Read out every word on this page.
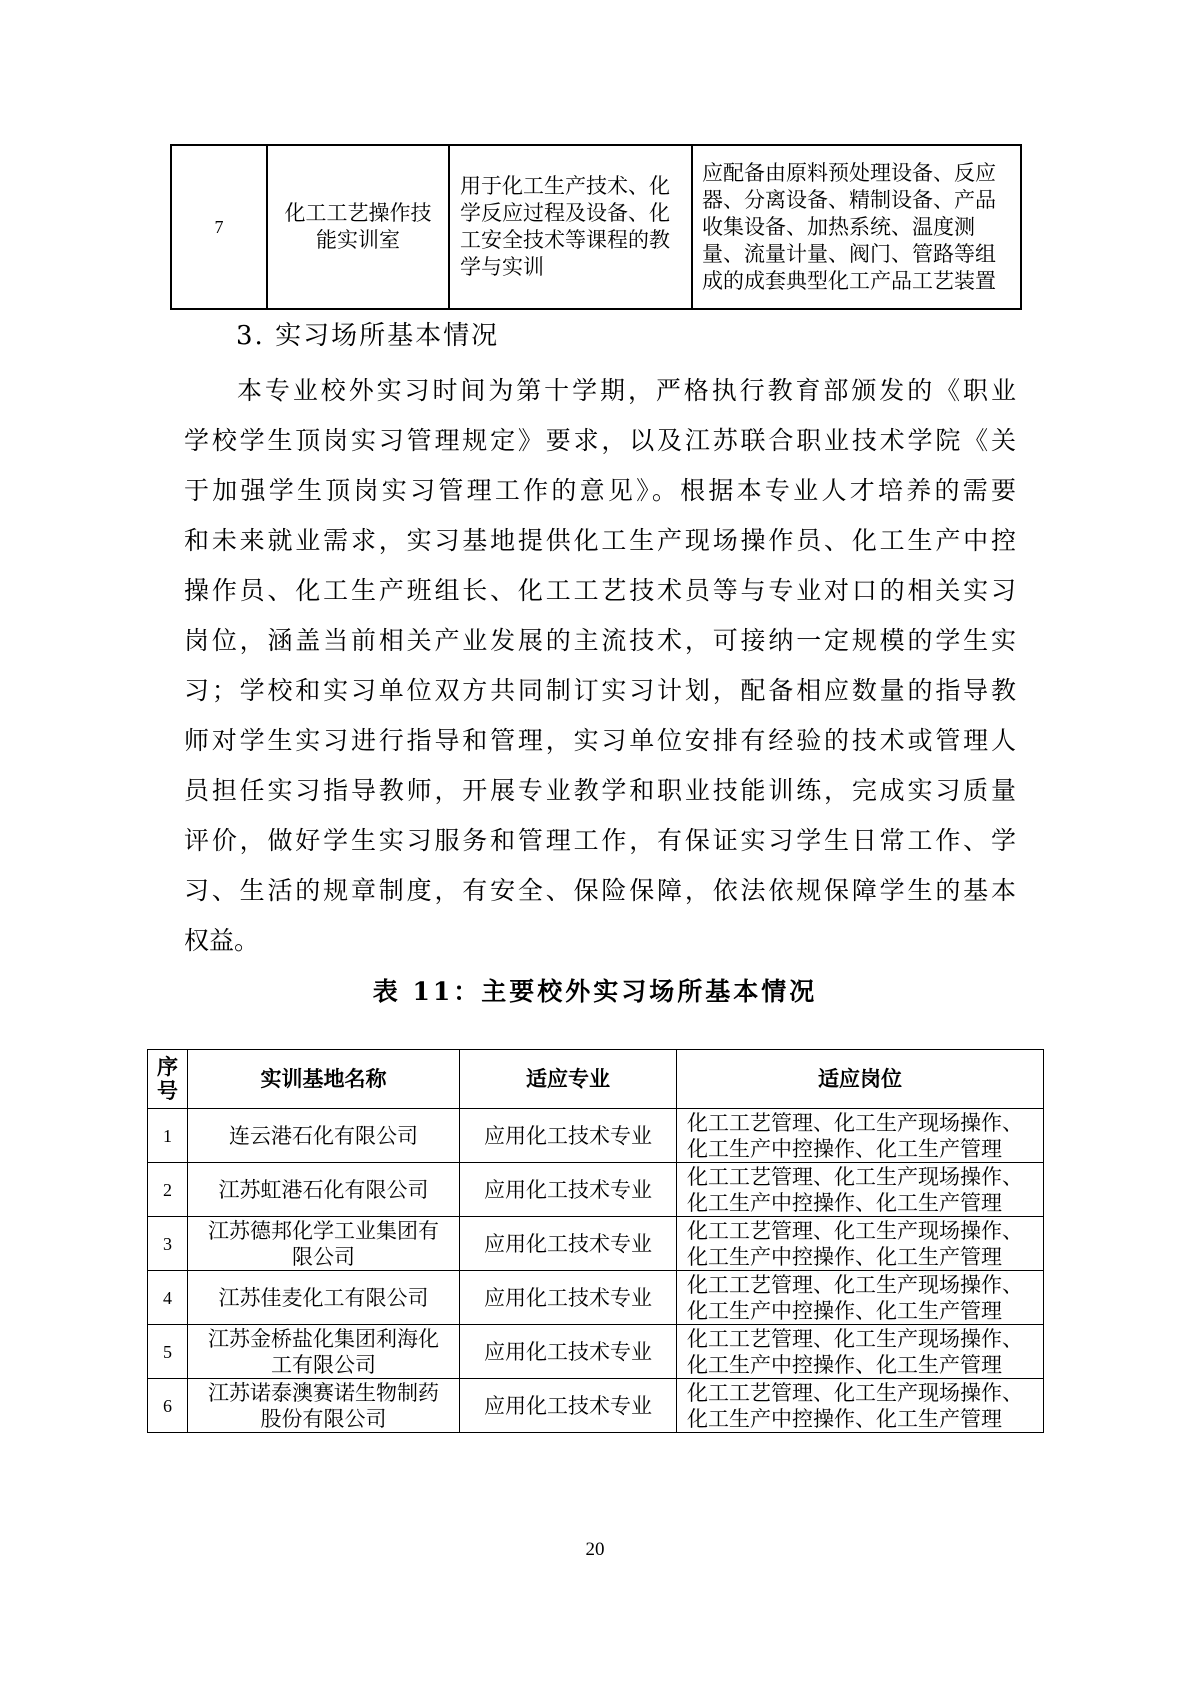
7	化工工艺操作技能实训室	用于化工生产技术、化学反应过程及设备、化工安全技术等课程的教学与实训	应配备由原料预处理设备、反应器、分离设备、精制设备、产品收集设备、加热系统、温度测量、流量计量、阀门、管路等组成的成套典型化工产品工艺装置
3. 实习场所基本情况
本专业校外实习时间为第十学期，严格执行教育部颁发的《职业
学校学生顶岗实习管理规定》要求，以及江苏联合职业技术学院《关
于加强学生顶岗实习管理工作的意见》。根据本专业人才培养的需要
和未来就业需求，实习基地提供化工生产现场操作员、化工生产中控
操作员、化工生产班组长、化工工艺技术员等与专业对口的相关实习
岗位，涵盖当前相关产业发展的主流技术，可接纳一定规模的学生实
习；学校和实习单位双方共同制订实习计划，配备相应数量的指导教
师对学生实习进行指导和管理，实习单位安排有经验的技术或管理人
员担任实习指导教师，开展专业教学和职业技能训练，完成实习质量
评价，做好学生实习服务和管理工作，有保证实习学生日常工作、学
习、生活的规章制度，有安全、保险保障，依法依规保障学生的基本
权益。
表 11：主要校外实习场所基本情况
序号	实训基地名称	适应专业	适应岗位
1	连云港石化有限公司	应用化工技术专业	化工工艺管理、化工生产现场操作、化工生产中控操作、化工生产管理
2	江苏虹港石化有限公司	应用化工技术专业	化工工艺管理、化工生产现场操作、化工生产中控操作、化工生产管理
3	江苏德邦化学工业集团有限公司	应用化工技术专业	化工工艺管理、化工生产现场操作、化工生产中控操作、化工生产管理
4	江苏佳麦化工有限公司	应用化工技术专业	化工工艺管理、化工生产现场操作、化工生产中控操作、化工生产管理
5	江苏金桥盐化集团利海化工有限公司	应用化工技术专业	化工工艺管理、化工生产现场操作、化工生产中控操作、化工生产管理
6	江苏诺泰澳赛诺生物制药股份有限公司	应用化工技术专业	化工工艺管理、化工生产现场操作、化工生产中控操作、化工生产管理
20
